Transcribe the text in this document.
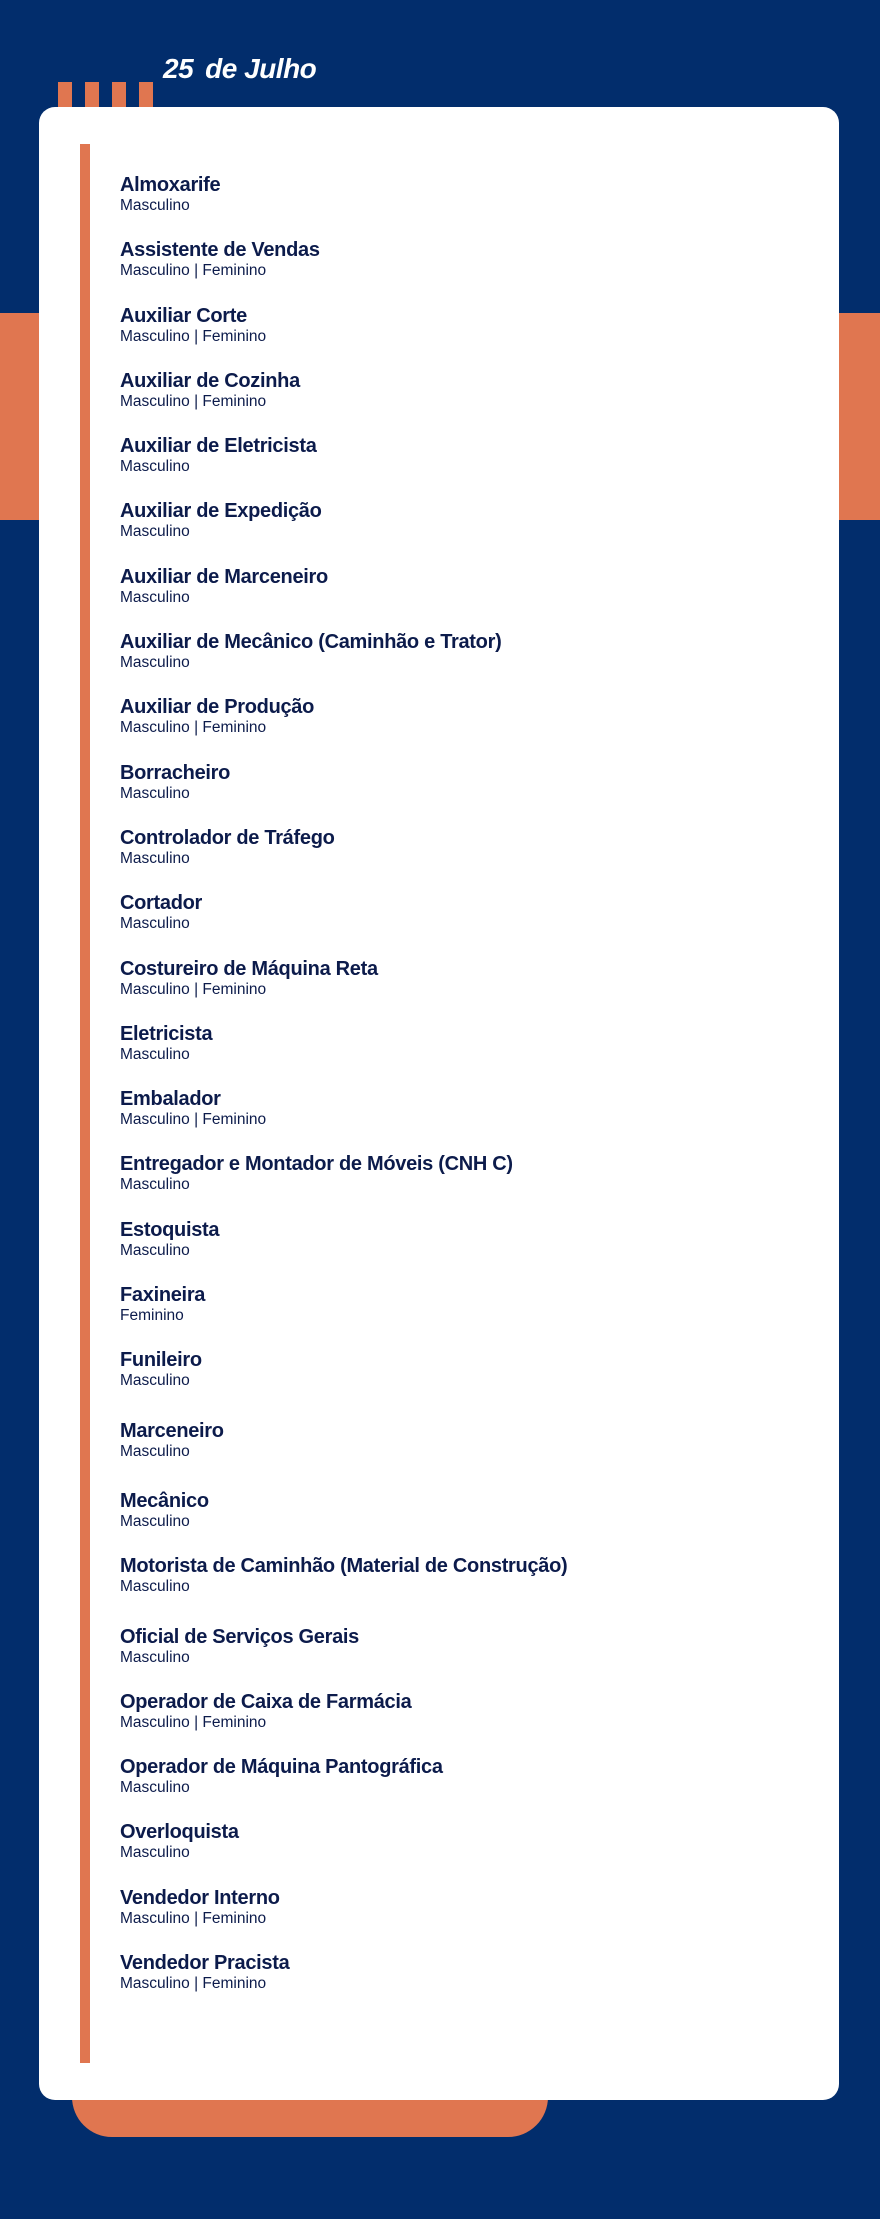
25 de Julho
Almoxarife
Masculino
Assistente de Vendas
Masculino | Feminino
Auxiliar Corte
Masculino | Feminino
Auxiliar de Cozinha
Masculino | Feminino
Auxiliar de Eletricista
Masculino
Auxiliar de Expedição
Masculino
Auxiliar de Marceneiro
Masculino
Auxiliar de Mecânico (Caminhão e Trator)
Masculino
Auxiliar de Produção
Masculino | Feminino
Borracheiro
Masculino
Controlador de Tráfego
Masculino
Cortador
Masculino
Costureiro de Máquina Reta
Masculino | Feminino
Eletricista
Masculino
Embalador
Masculino | Feminino
Entregador e Montador de Móveis (CNH C)
Masculino
Estoquista
Masculino
Faxineira
Feminino
Funileiro
Masculino
Marceneiro
Masculino
Mecânico
Masculino
Motorista de Caminhão (Material de Construção)
Masculino
Oficial de Serviços Gerais
Masculino
Operador de Caixa de Farmácia
Masculino | Feminino
Operador de Máquina Pantográfica
Masculino
Overloquista
Masculino
Vendedor Interno
Masculino | Feminino
Vendedor Pracista
Masculino | Feminino
